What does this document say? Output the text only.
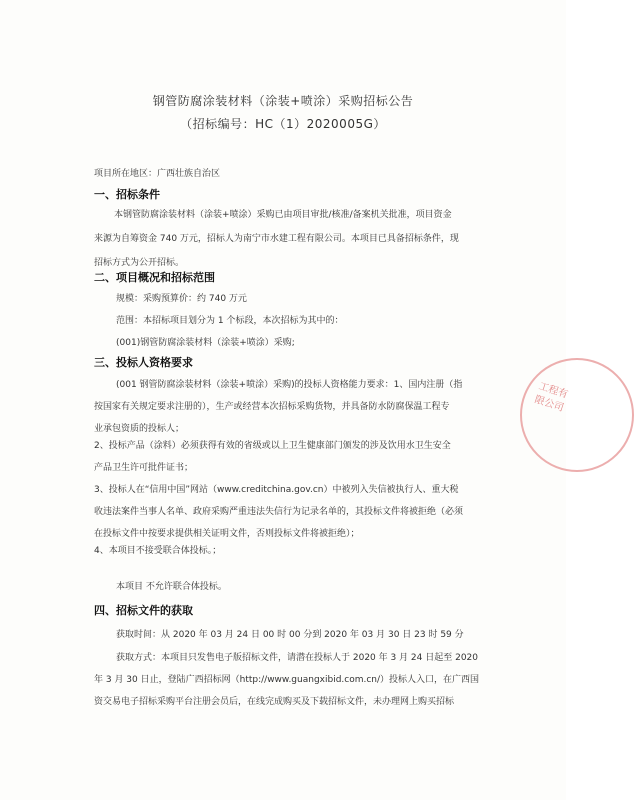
钢管防腐涂装材料（涂装+喷涂）采购招标公告
（招标编号：HC（1）2020005G）
项目所在地区：广西壮族自治区
一、招标条件
本钢管防腐涂装材料（涂装+喷涂）采购已由项目审批/核准/备案机关批准，项目资金
来源为自筹资金 740 万元，招标人为南宁市水建工程有限公司。本项目已具备招标条件，现
招标方式为公开招标。
二、项目概况和招标范围
规模：采购预算价：约 740 万元
范围：本招标项目划分为 1 个标段，本次招标为其中的：
(001)钢管防腐涂装材料（涂装+喷涂）采购;
三、投标人资格要求
(001 钢管防腐涂装材料（涂装+喷涂）采购)的投标人资格能力要求：1、国内注册（指
按国家有关规定要求注册的），生产或经营本次招标采购货物，并具备防水防腐保温工程专
业承包资质的投标人；
2、投标产品（涂料）必须获得有效的省级或以上卫生健康部门颁发的涉及饮用水卫生安全
产品卫生许可批件证书；
3、投标人在“信用中国”网站（www.creditchina.gov.cn）中被列入失信被执行人、重大税
收违法案件当事人名单、政府采购严重违法失信行为记录名单的，其投标文件将被拒绝（必须
在投标文件中按要求提供相关证明文件，否则投标文件将被拒绝）；
4、本项目不接受联合体投标。；
本项目 不允许联合体投标。
四、招标文件的获取
获取时间：从 2020 年 03 月 24 日 00 时 00 分到 2020 年 03 月 30 日 23 时 59 分
获取方式：本项目只发售电子版招标文件，请潜在投标人于 2020 年 3 月 24 日起至 2020
年 3 月 30 日止，登陆广西招标网（http://www.guangxibid.com.cn/）投标人入口，在广西国
资交易电子招标采购平台注册会员后，在线完成购买及下载招标文件，未办理网上购买招标
工程有限公司
